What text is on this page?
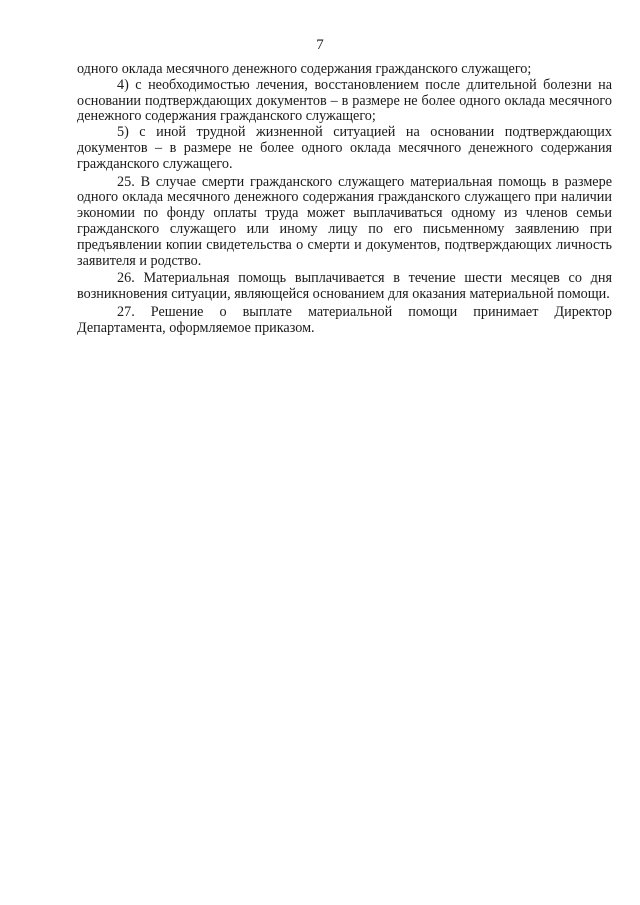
7

одного оклада месячного денежного содержания гражданского служащего;

4) с необходимостью лечения, восстановлением после длительной болезни на основании подтверждающих документов – в размере не более одного оклада месячного денежного содержания гражданского служащего;

5) с иной трудной жизненной ситуацией на основании подтверждающих документов – в размере не более одного оклада месячного денежного содержания гражданского служащего.

25. В случае смерти гражданского служащего материальная помощь в размере одного оклада месячного денежного содержания гражданского служащего при наличии экономии по фонду оплаты труда может выплачиваться одному из членов семьи гражданского служащего или иному лицу по его письменному заявлению при предъявлении копии свидетельства о смерти и документов, подтверждающих личность заявителя и родство.

26. Материальная помощь выплачивается в течение шести месяцев со дня возникновения ситуации, являющейся основанием для оказания материальной помощи.

27. Решение о выплате материальной помощи принимает Директор Департамента, оформляемое приказом.
